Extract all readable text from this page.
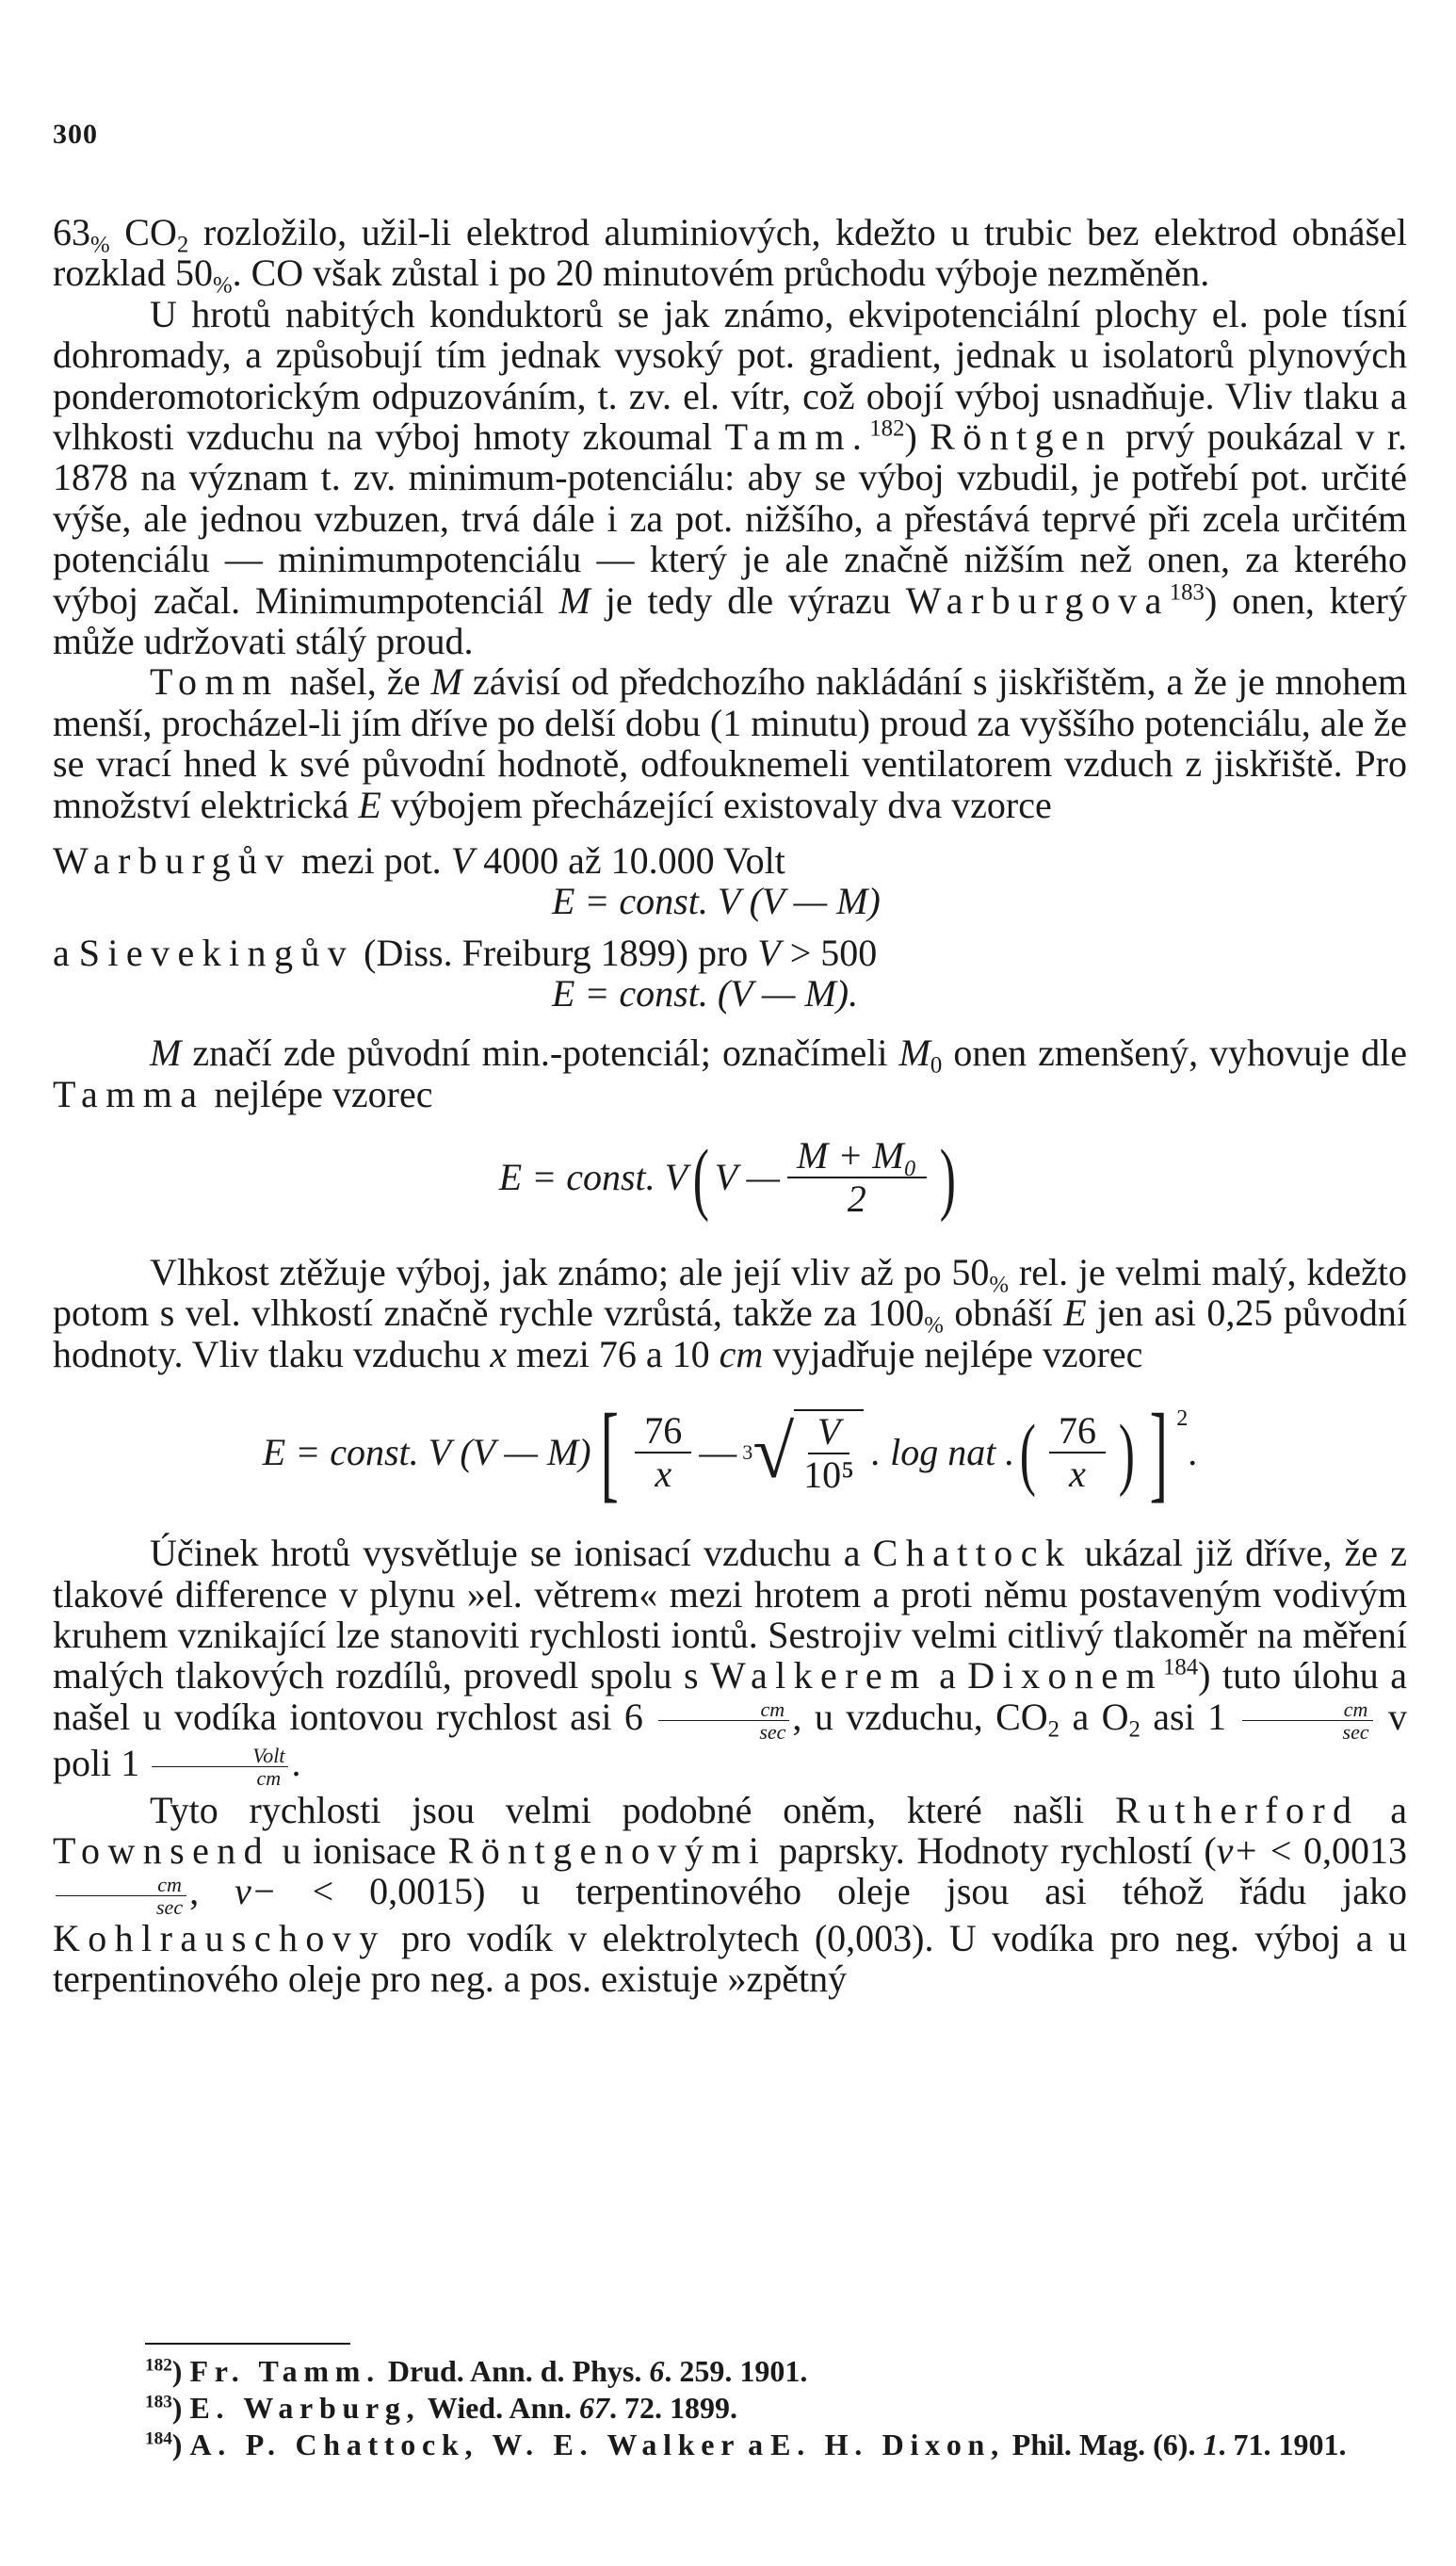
300

$63_{\%}$ $CO_2$ rozložilo, užil-li elektrod aluminiových, kdežto u trubic bez elektrod obnášel rozklad $50_{\%}$. CO však zůstal i po 20 minutovém průchodu výboje nezměněn.

U hrotů nabitých konduktorů se jak známo, ekvipotenciální plochy el. pole tísní dohromady, a způsobují tím jednak vysoký pot. gradient, jednak u isolatorů plynových ponderomotorickým odpuzováním, t. zv. el. vítr, což obojí výboj usnadňuje. Vliv tlaku a vlhkosti vzduchu na výboj hmoty zkoumal Tamm.$^{182}$) Röntgen prvý poukázal v r. 1878 na význam t. zv. minimum-potenciálu: aby se výboj vzbudil, je potřebí pot. určité výše, ale jednou vzbuzen, trvá dále i za pot. nižšího, a přestává teprvé při zcela určitém potenciálu — minimumpotenciálu — který je ale značně nižším než onen, za kterého výboj začal. Minimumpotenciál M je tedy dle výrazu Warburgova$^{183}$) onen, který může udržovati stálý proud.

Tomm našel, že M závisí od předchozího nakládání s jiskřištěm, a že je mnohem menší, procházel-li jím dříve po delší dobu (1 minutu) proud za vyššího potenciálu, ale že se vrací hned k své původní hodnotě, odfouknemeli ventilatorem vzduch z jiskřiště. Pro množství elektrická E výbojem přecházející existovaly dva vzorce

Warburgův mezi pot. V 4000 až 10.000 Volt
E = const. V (V — M)
a Sievekingův (Diss. Freiburg 1899) pro V > 500
E = const. (V — M).

M značí zde původní min.-potenciál; označímeli $M_0$ onen zmenšený, vyhovuje dle Tamma nejlépe vzorec

E = const. V ( V — $\frac{\text{M + M₀}}{2}$ )

Vlhkost ztěžuje výboj, jak známo; ale její vliv až po $50_{\%}$ rel. je velmi malý, kdežto potom s vel. vlhkostí značně rychle vzrůstá, takže za $100_{\%}$ obnáší E jen asi 0,25 původní hodnoty. Vliv tlaku vzduchu x mezi 76 a 10 cm vyjadřuje nejlépe vzorec

E = const. V (V — M) [ $\frac{76}{x}$ — 3 √ $\frac{V}{\text{10⁵}}$ . log nat . ( $\frac{76}{x}$ ) ] 2
.

Účinek hrotů vysvětluje se ionisací vzduchu a Chattock ukázal již dříve, že z tlakové difference v plynu »el. větrem« mezi hrotem a proti němu postaveným vodivým kruhem vznikající lze stanoviti rychlosti iontů. Sestrojiv velmi citlivý tlakoměr na měření malých tlakových rozdílů, provedl spolu s Walkerem a Dixonem$^{184}$) tuto úlohu a našel u vodíka iontovou rychlost asi $6 \frac{cm}{\sec}$ , u vzduchu, $CO_2$ a $O_2$ asi $1 \frac{cm}{\sec}$ v poli $1 \frac{\text{Volt}}{cm}$ .

Tyto rychlosti jsou velmi podobné oněm, které našli Rutherford a Townsend u ionisace Röntgenovými paprsky. Hodnoty rychlostí (v+ < 0,0013
$\frac{cm}{\sec}$ , v− < 0,0015) u terpentinového oleje jsou asi téhož řádu jako Kohlrauschovy pro vodík v elektrolytech (0,003). U vodíka pro neg. výboj a u terpentinového oleje pro neg. a pos. existuje »zpětný

$^{182}$) Fr. Tamm. Drud. Ann. d. Phys. 6. 259. 1901.

$^{183}$) E. Warburg, Wied. Ann. 67. 72. 1899.

$^{184}$) A. P. Chattock, W. E. Walker a E. H. Dixon, Phil. Mag. (6). 1. 71. 1901.
